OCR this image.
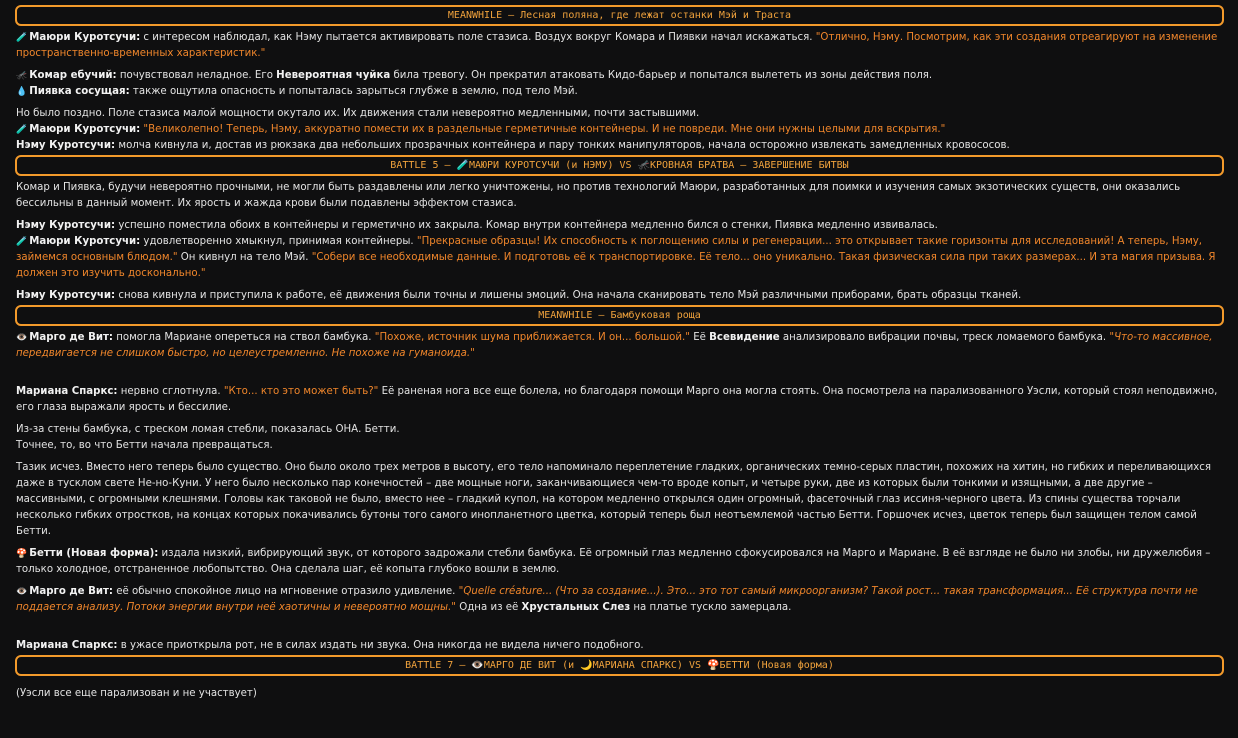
MEANWHILE – Лесная поляна, где лежат останки Мэй и Траста

🧪 Маюри Куротсучи: с интересом наблюдал, как Нэму пытается активировать поле стазиса. Воздух вокруг Комара и Пиявки начал искажаться. "Отлично, Нэму. Посмотрим, как эти создания отреагируют на изменение пространственно-временных характеристик."

🦟 Комар ебучий: почувствовал неладное. Его Невероятная чуйка била тревогу. Он прекратил атаковать Кидо-барьер и попытался вылететь из зоны действия поля.

💧 Пиявка сосущая: также ощутила опасность и попыталась зарыться глубже в землю, под тело Мэй.

Но было поздно. Поле стазиса малой мощности окутало их. Их движения стали невероятно медленными, почти застывшими.

🧪 Маюри Куротсучи: "Великолепно! Теперь, Нэму, аккуратно помести их в раздельные герметичные контейнеры. И не повреди. Мне они нужны целыми для вскрытия."

Нэму Куротсучи: молча кивнула и, достав из рюкзака два небольших прозрачных контейнера и пару тонких манипуляторов, начала осторожно извлекать замедленных кровососов.

BATTLE 5 – 🧪МАЮРИ КУРОТСУЧИ (и НЭМУ) VS 🦟КРОВНАЯ БРАТВА – ЗАВЕРШЕНИЕ БИТВЫ

Комар и Пиявка, будучи невероятно прочными, не могли быть раздавлены или легко уничтожены, но против технологий Маюри, разработанных для поимки и изучения самых экзотических существ, они оказались бессильны в данный момент. Их ярость и жажда крови были подавлены эффектом стазиса.

Нэму Куротсучи: успешно поместила обоих в контейнеры и герметично их закрыла. Комар внутри контейнера медленно бился о стенки, Пиявка медленно извивалась.

🧪 Маюри Куротсучи: удовлетворенно хмыкнул, принимая контейнеры. "Прекрасные образцы! Их способность к поглощению силы и регенерации... это открывает такие горизонты для исследований! А теперь, Нэму, займемся основным блюдом." Он кивнул на тело Мэй. "Собери все необходимые данные. И подготовь её к транспортировке. Её тело... оно уникально. Такая физическая сила при таких размерах... И эта магия призыва. Я должен это изучить досконально."

Нэму Куротсучи: снова кивнула и приступила к работе, её движения были точны и лишены эмоций. Она начала сканировать тело Мэй различными приборами, брать образцы тканей.

MEANWHILE – Бамбуковая роща

👁️ Марго де Вит: помогла Мариане опереться на ствол бамбука. "Похоже, источник шума приближается. И он... большой." Её Всевидение анализировало вибрации почвы, треск ломаемого бамбука. "Что-то массивное, передвигается не слишком быстро, но целеустремленно. Не похоже на гуманоида."

Мариана Спаркс: нервно сглотнула. "Кто... кто это может быть?" Её раненая нога все еще болела, но благодаря помощи Марго она могла стоять. Она посмотрела на парализованного Уэсли, который стоял неподвижно, его глаза выражали ярость и бессилие.

Из-за стены бамбука, с треском ломая стебли, показалась ОНА. Бетти.

Точнее, то, во что Бетти начала превращаться.

Тазик исчез. Вместо него теперь было существо. Оно было около трех метров в высоту, его тело напоминало переплетение гладких, органических темно-серых пластин, похожих на хитин, но гибких и переливающихся даже в тусклом свете Не-но-Куни. У него было несколько пар конечностей – две мощные ноги, заканчивающиеся чем-то вроде копыт, и четыре руки, две из которых были тонкими и изящными, а две другие – массивными, с огромными клешнями. Головы как таковой не было, вместо нее – гладкий купол, на котором медленно открылся один огромный, фасеточный глаз иссиня-черного цвета. Из спины существа торчали несколько гибких отростков, на концах которых покачивались бутоны того самого инопланетного цветка, который теперь был неотъемлемой частью Бетти. Горшочек исчез, цветок теперь был защищен телом самой Бетти.

🍄 Бетти (Новая форма): издала низкий, вибрирующий звук, от которого задрожали стебли бамбука. Её огромный глаз медленно сфокусировался на Марго и Мариане. В её взгляде не было ни злобы, ни дружелюбия – только холодное, отстраненное любопытство. Она сделала шаг, её копыта глубоко вошли в землю.

👁️ Марго де Вит: её обычно спокойное лицо на мгновение отразило удивление. "Quelle créature... (Что за создание...). Это... это тот самый микроорганизм? Такой рост... такая трансформация... Её структура почти не поддается анализу. Потоки энергии внутри неё хаотичны и невероятно мощны." Одна из её Хрустальных Слез на платье тускло замерцала.

Мариана Спаркс: в ужасе приоткрыла рот, не в силах издать ни звука. Она никогда не видела ничего подобного.

BATTLE 7 – 👁️МАРГО ДЕ ВИТ (и 🌙МАРИАНА СПАРКС) VS 🍄БЕТТИ (Новая форма)

(Уэсли все еще парализован и не участвует)
